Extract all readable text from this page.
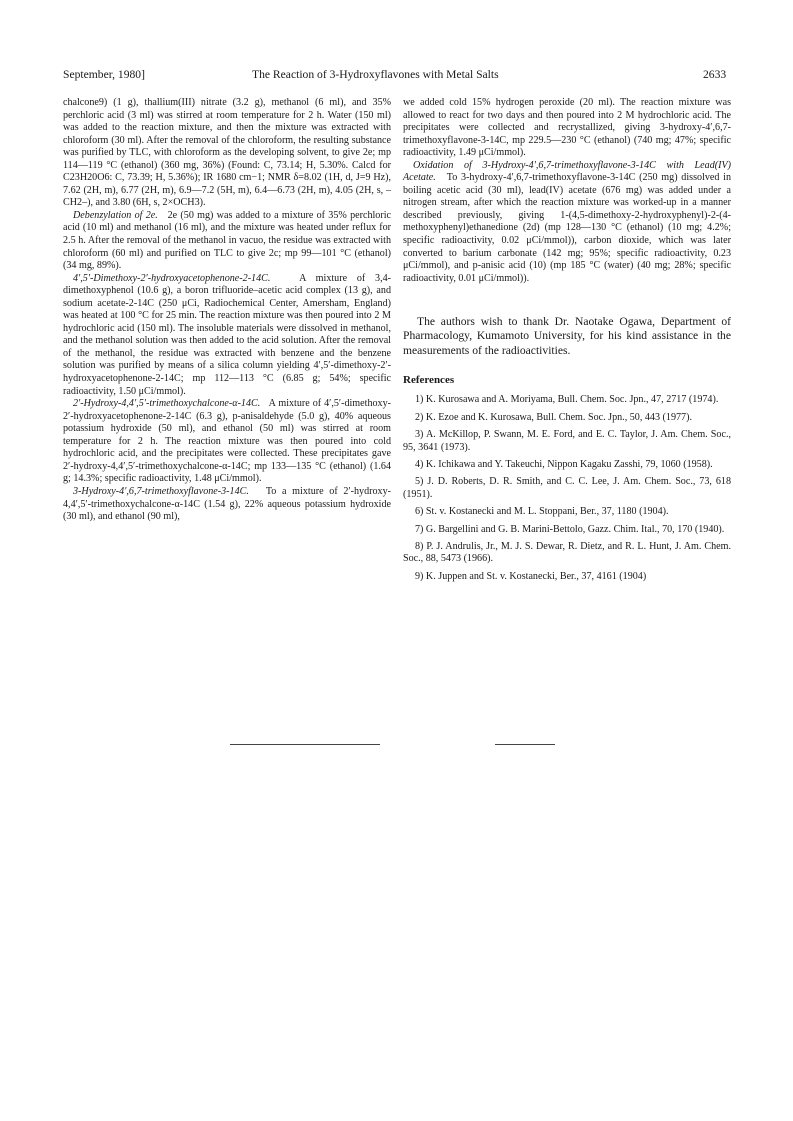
September, 1980]	The Reaction of 3-Hydroxyflavones with Metal Salts	2633

chalcone9) (1 g), thallium(III) nitrate (3.2 g), methanol (6 ml), and 35% perchloric acid (3 ml) was stirred at room temperature for 2 h. Water (150 ml) was added to the reaction mixture, and then the mixture was extracted with chloroform (30 ml). After the removal of the chloroform, the resulting substance was purified by TLC, with chloroform as the developing solvent, to give 2e; mp 114—119 °C (ethanol) (360 mg, 36%) (Found: C, 73.14; H, 5.30%. Calcd for C23H20O6: C, 73.39; H, 5.36%); IR 1680 cm−1; NMR δ=8.02 (1H, d, J=9 Hz), 7.62 (2H, m), 6.77 (2H, m), 6.9—7.2 (5H, m), 6.4—6.73 (2H, m), 4.05 (2H, s, –CH2–), and 3.80 (6H, s, 2×OCH3).

Debenzylation of 2e. 2e (50 mg) was added to a mixture of 35% perchloric acid (10 ml) and methanol (16 ml), and the mixture was heated under reflux for 2.5 h. After the removal of the methanol in vacuo, the residue was extracted with chloroform (60 ml) and purified on TLC to give 2c; mp 99—101 °C (ethanol) (34 mg, 89%).

4′,5′-Dimethoxy-2′-hydroxyacetophenone-2-14C.	A mixture of 3,4-dimethoxyphenol (10.6 g), a boron trifluoride–acetic acid complex (13 g), and sodium acetate-2-14C (250 μCi, Radiochemical Center, Amersham, England) was heated at 100 °C for 25 min. The reaction mixture was then poured into 2 M hydrochloric acid (150 ml). The insoluble materials were dissolved in methanol, and the methanol solution was then added to the acid solution. After the removal of the methanol, the residue was extracted with benzene and the benzene solution was purified by means of a silica column yielding 4′,5′-dimethoxy-2′-hydroxyacetophenone-2-14C; mp 112—113 °C (6.85 g; 54%; specific radioactivity, 1.50 μCi/mmol).

2′-Hydroxy-4,4′,5′-trimethoxychalcone-α-14C. A mixture of 4′,5′-dimethoxy-2′-hydroxyacetophenone-2-14C (6.3 g), p-anisaldehyde (5.0 g), 40% aqueous potassium hydroxide (50 ml), and ethanol (50 ml) was stirred at room temperature for 2 h. The reaction mixture was then poured into cold hydrochloric acid, and the precipitates were collected. These precipitates gave 2′-hydroxy-4,4′,5′-trimethoxychalcone-α-14C; mp 133—135 °C (ethanol) (1.64 g; 14.3%; specific radioactivity, 1.48 μCi/mmol).

3-Hydroxy-4′,6,7-trimethoxyflavone-3-14C. To a mixture of 2′-hydroxy-4,4′,5′-trimethoxychalcone-α-14C (1.54 g), 22% aqueous potassium hydroxide (30 ml), and ethanol (90 ml),

we added cold 15% hydrogen peroxide (20 ml). The reaction mixture was allowed to react for two days and then poured into 2 M hydrochloric acid. The precipitates were collected and recrystallized, giving 3-hydroxy-4′,6,7-trimethoxyflavone-3-14C, mp 229.5—230 °C (ethanol) (740 mg; 47%; specific radioactivity, 1.49 μCi/mmol).

Oxidation of 3-Hydroxy-4′,6,7-trimethoxyflavone-3-14C with Lead(IV) Acetate. To 3-hydroxy-4′,6,7-trimethoxyflavone-3-14C (250 mg) dissolved in boiling acetic acid (30 ml), lead(IV) acetate (676 mg) was added under a nitrogen stream, after which the reaction mixture was worked-up in a manner described previously, giving 1-(4,5-dimethoxy-2-hydroxyphenyl)-2-(4-methoxyphenyl)ethanedione (2d) (mp 128—130 °C (ethanol) (10 mg; 4.2%; specific radioactivity, 0.02 μCi/mmol)), carbon dioxide, which was later converted to barium carbonate (142 mg; 95%; specific radioactivity, 0.23 μCi/mmol), and p-anisic acid (10) (mp 185 °C (water) (40 mg; 28%; specific radioactivity, 0.01 μCi/mmol)).

The authors wish to thank Dr. Naotake Ogawa, Department of Pharmacology, Kumamoto University, for his kind assistance in the measurements of the radioactivities.

References
1) K. Kurosawa and A. Moriyama, Bull. Chem. Soc. Jpn., 47, 2717 (1974).
2) K. Ezoe and K. Kurosawa, Bull. Chem. Soc. Jpn., 50, 443 (1977).
3) A. McKillop, P. Swann, M. E. Ford, and E. C. Taylor, J. Am. Chem. Soc., 95, 3641 (1973).
4) K. Ichikawa and Y. Takeuchi, Nippon Kagaku Zasshi, 79, 1060 (1958).
5) J. D. Roberts, D. R. Smith, and C. C. Lee, J. Am. Chem. Soc., 73, 618 (1951).
6) St. v. Kostanecki and M. L. Stoppani, Ber., 37, 1180 (1904).
7) G. Bargellini and G. B. Marini-Bettolo, Gazz. Chim. Ital., 70, 170 (1940).
8) P. J. Andrulis, Jr., M. J. S. Dewar, R. Dietz, and R. L. Hunt, J. Am. Chem. Soc., 88, 5473 (1966).
9) K. Juppen and St. v. Kostanecki, Ber., 37, 4161 (1904)
